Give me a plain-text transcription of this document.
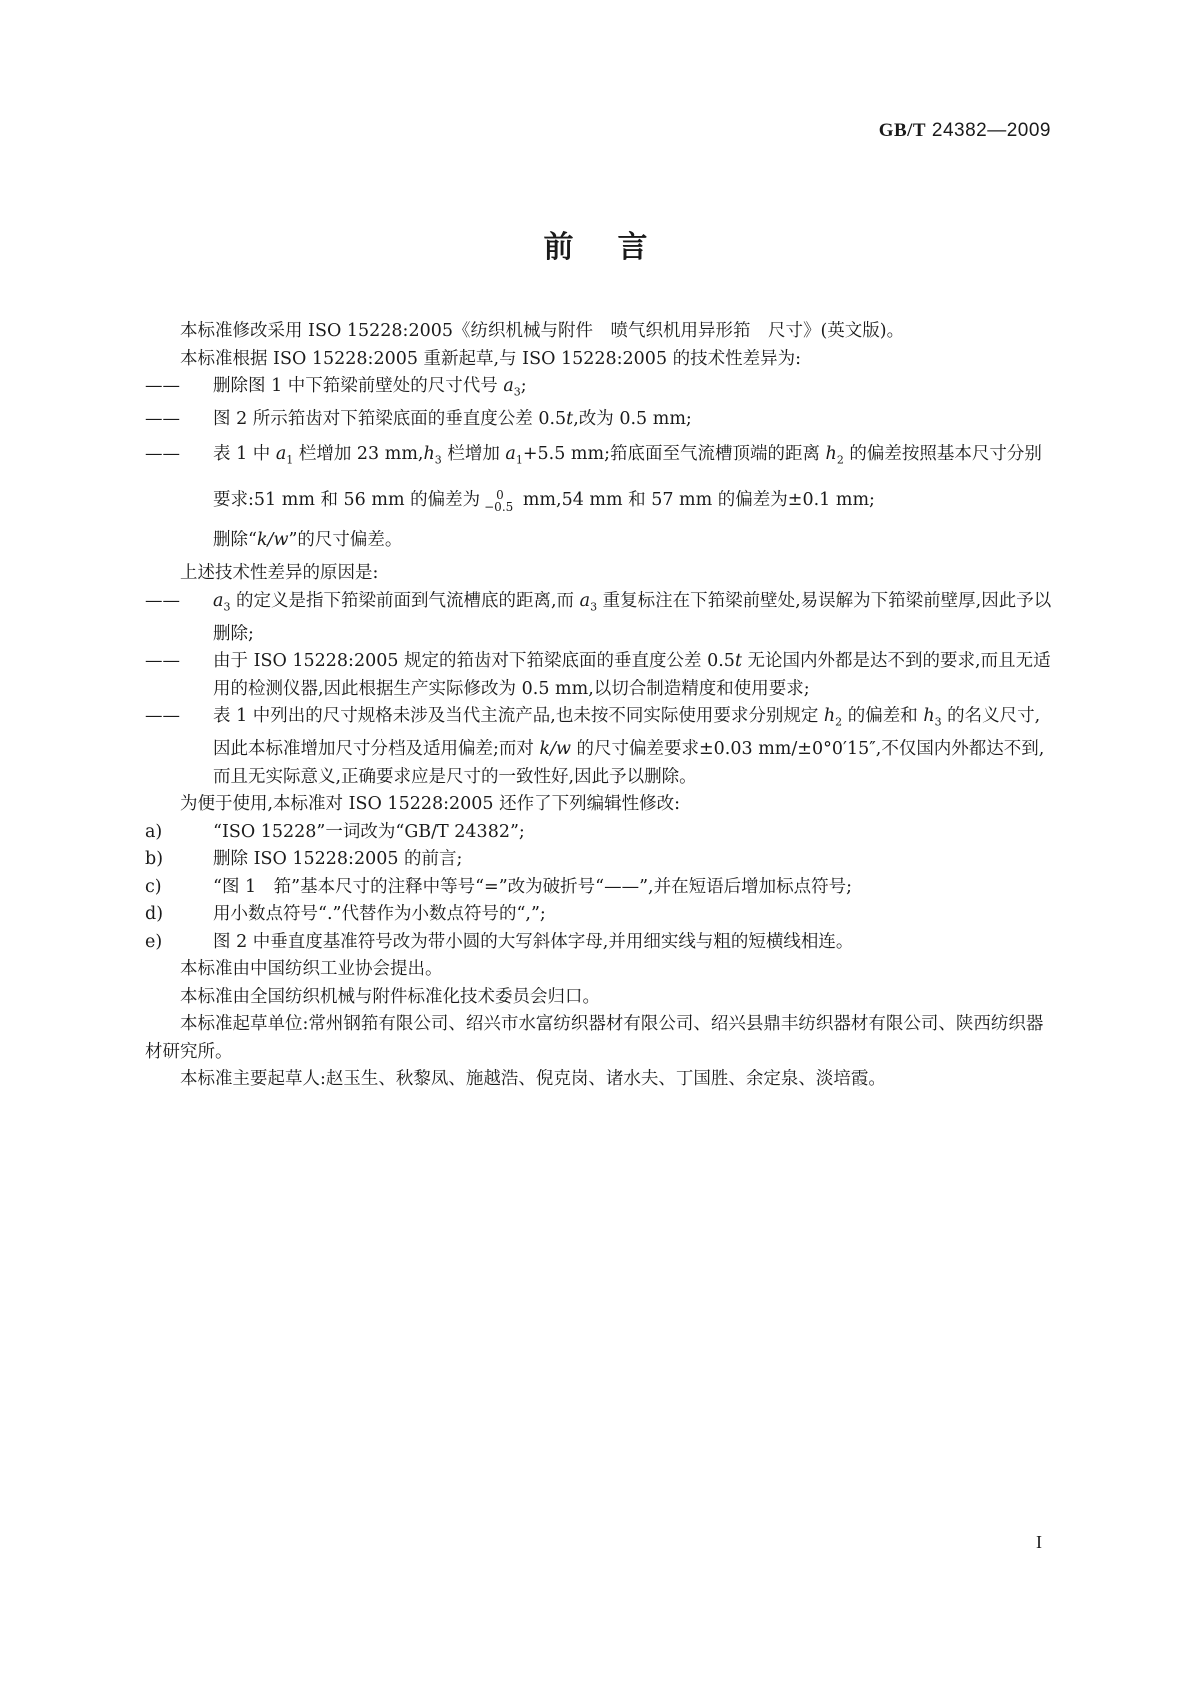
GB/T 24382—2009
前 言

本标准修改采用 ISO 15228:2005《纺织机械与附件　喷气织机用异形筘　尺寸》(英文版)。

本标准根据 ISO 15228:2005 重新起草,与 ISO 15228:2005 的技术性差异为:

—— 删除图 1 中下筘梁前壁处的尺寸代号 $a_3$;

—— 图 2 所示筘齿对下筘梁底面的垂直度公差 0.5t,改为 0.5 mm;

—— 表 1 中 $a_1$ 栏增加 23 $mm,h_3$ 栏增加 $a_1+5.5$ mm;筘底面至气流槽顶端的距离 $h_2$ 的偏差按照基本尺寸分别要求:51 mm 和 56 mm 的偏差为	0
−0.5 mm,54 mm 和 57 mm 的偏差为±0.1 mm;
删除“k/w”的尺寸偏差。

上述技术性差异的原因是:

—— $a_3$ 的定义是指下筘梁前面到气流槽底的距离,而 $a_3$ 重复标注在下筘梁前壁处,易误解为下筘梁前壁厚,因此予以删除;

—— 由于 ISO 15228:2005 规定的筘齿对下筘梁底面的垂直度公差 0.5t 无论国内外都是达不到的要求,而且无适用的检测仪器,因此根据生产实际修改为 0.5 mm,以切合制造精度和使用要求;

—— 表 1 中列出的尺寸规格未涉及当代主流产品,也未按不同实际使用要求分别规定 $h_2$ 的偏差和 $h_3$ 的名义尺寸,因此本标准增加尺寸分档及适用偏差;而对 k/w 的尺寸偏差要求±0.03 mm/±0°0′15″,不仅国内外都达不到,而且无实际意义,正确要求应是尺寸的一致性好,因此予以删除。

为便于使用,本标准对 ISO 15228:2005 还作了下列编辑性修改:

a)	“ISO 15228”一词改为“GB/T 24382”;

b)	删除 ISO 15228:2005 的前言;

c)	“图 1　筘”基本尺寸的注释中等号“=”改为破折号“——”,并在短语后增加标点符号;

d)	用小数点符号“.”代替作为小数点符号的“,”;

e)	图 2 中垂直度基准符号改为带小圆的大写斜体字母,并用细实线与粗的短横线相连。

本标准由中国纺织工业协会提出。

本标准由全国纺织机械与附件标准化技术委员会归口。

本标准起草单位:常州钢筘有限公司、绍兴市水富纺织器材有限公司、绍兴县鼎丰纺织器材有限公司、陕西纺织器材研究所。

本标准主要起草人:赵玉生、秋黎凤、施越浩、倪克岗、诸水夫、丁国胜、余定泉、淡培霞。

I
